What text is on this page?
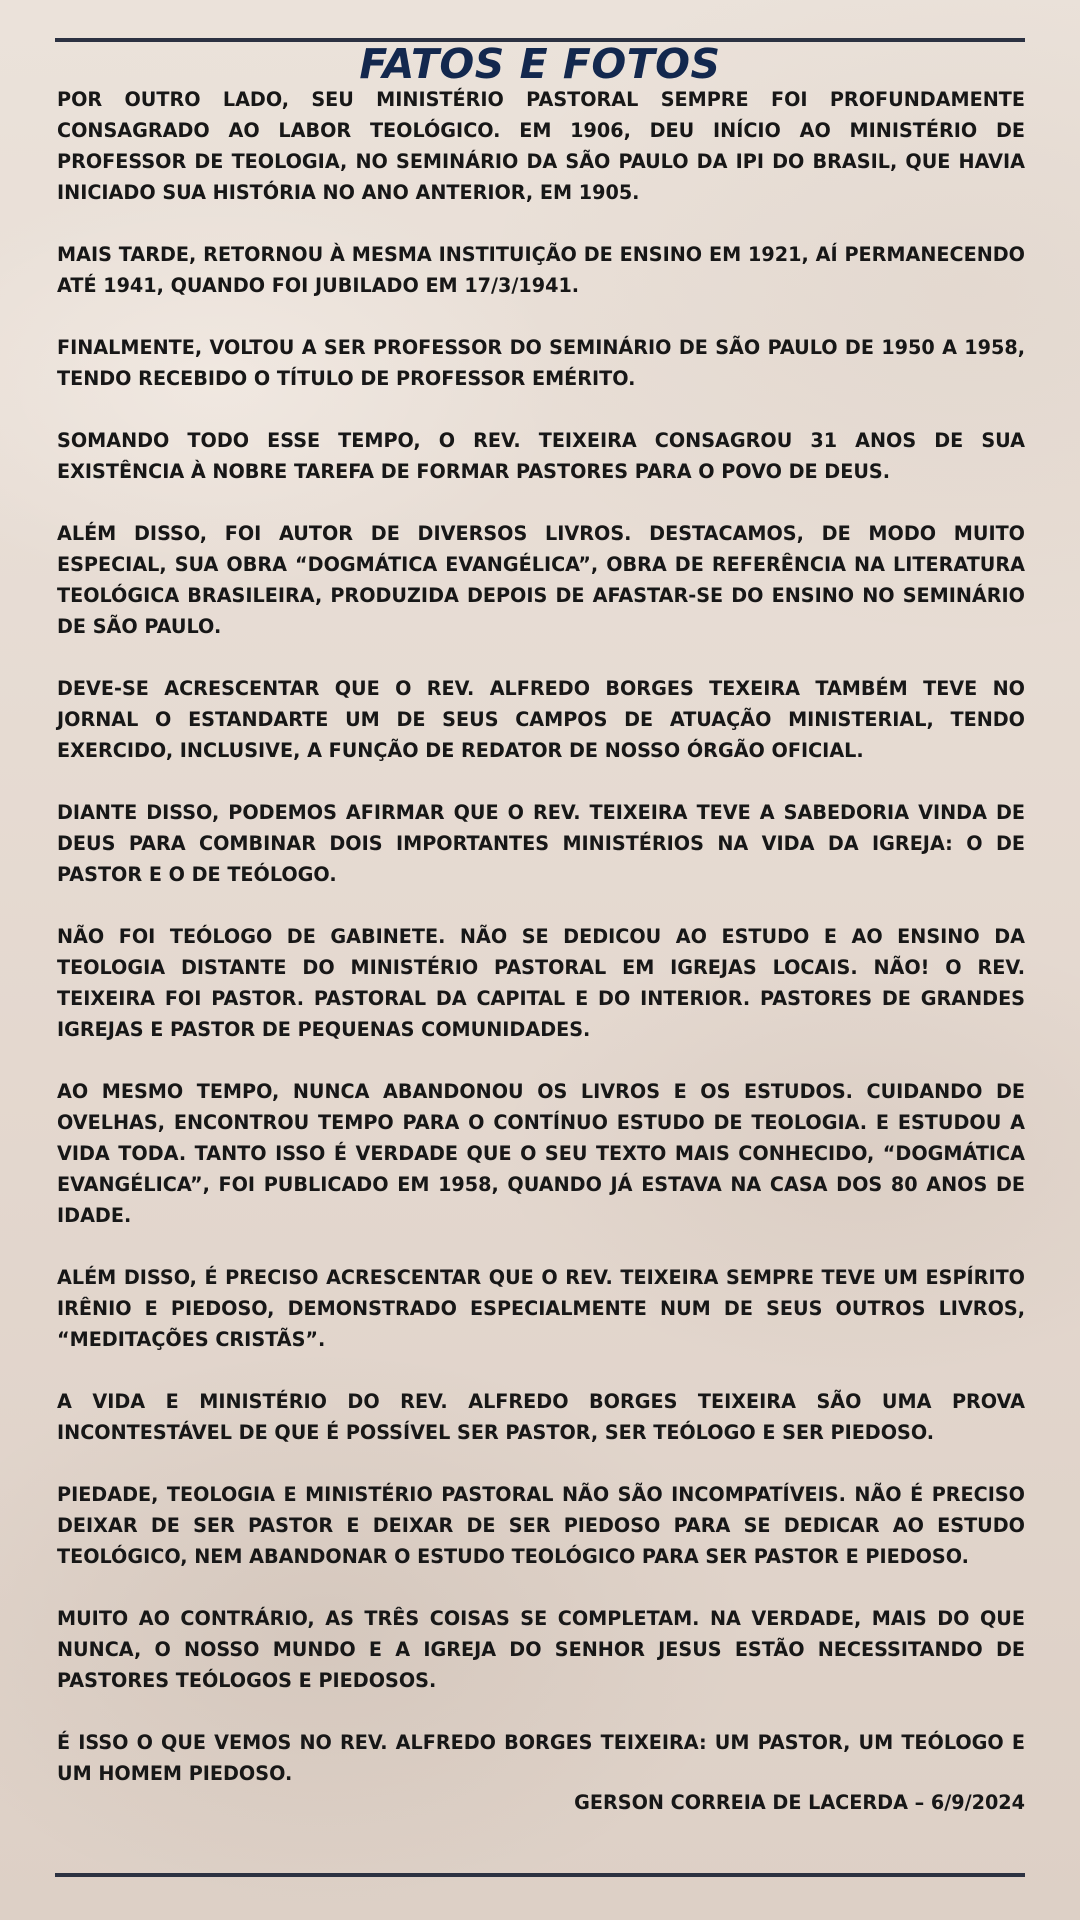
FATOS E FOTOS

POR OUTRO LADO, SEU MINISTÉRIO PASTORAL SEMPRE FOI PROFUNDAMENTE CONSAGRADO AO LABOR TEOLÓGICO. EM 1906, DEU INÍCIO AO MINISTÉRIO DE PROFESSOR DE TEOLOGIA, NO SEMINÁRIO DA SÃO PAULO DA IPI DO BRASIL, QUE HAVIA INICIADO SUA HISTÓRIA NO ANO ANTERIOR, EM 1905.

MAIS TARDE, RETORNOU À MESMA INSTITUIÇÃO DE ENSINO EM 1921, AÍ PERMANECENDO ATÉ 1941, QUANDO FOI JUBILADO EM 17/3/1941.

FINALMENTE, VOLTOU A SER PROFESSOR DO SEMINÁRIO DE SÃO PAULO DE 1950 A 1958, TENDO RECEBIDO O TÍTULO DE PROFESSOR EMÉRITO.

SOMANDO TODO ESSE TEMPO, O REV. TEIXEIRA CONSAGROU 31 ANOS DE SUA EXISTÊNCIA À NOBRE TAREFA DE FORMAR PASTORES PARA O POVO DE DEUS.

ALÉM DISSO, FOI AUTOR DE DIVERSOS LIVROS. DESTACAMOS, DE MODO MUITO ESPECIAL, SUA OBRA “DOGMÁTICA EVANGÉLICA”, OBRA DE REFERÊNCIA NA LITERATURA TEOLÓGICA BRASILEIRA, PRODUZIDA DEPOIS DE AFASTAR-SE DO ENSINO NO SEMINÁRIO DE SÃO PAULO.

DEVE-SE ACRESCENTAR QUE O REV. ALFREDO BORGES TEXEIRA TAMBÉM TEVE NO JORNAL O ESTANDARTE UM DE SEUS CAMPOS DE ATUAÇÃO MINISTERIAL, TENDO EXERCIDO, INCLUSIVE, A FUNÇÃO DE REDATOR DE NOSSO ÓRGÃO OFICIAL.

DIANTE DISSO, PODEMOS AFIRMAR QUE O REV. TEIXEIRA TEVE A SABEDORIA VINDA DE DEUS PARA COMBINAR DOIS IMPORTANTES MINISTÉRIOS NA VIDA DA IGREJA: O DE PASTOR E O DE TEÓLOGO.

NÃO FOI TEÓLOGO DE GABINETE. NÃO SE DEDICOU AO ESTUDO E AO ENSINO DA TEOLOGIA DISTANTE DO MINISTÉRIO PASTORAL EM IGREJAS LOCAIS. NÃO! O REV. TEIXEIRA FOI PASTOR. PASTORAL DA CAPITAL E DO INTERIOR. PASTORES DE GRANDES IGREJAS E PASTOR DE PEQUENAS COMUNIDADES.

AO MESMO TEMPO, NUNCA ABANDONOU OS LIVROS E OS ESTUDOS. CUIDANDO DE OVELHAS, ENCONTROU TEMPO PARA O CONTÍNUO ESTUDO DE TEOLOGIA. E ESTUDOU A VIDA TODA. TANTO ISSO É VERDADE QUE O SEU TEXTO MAIS CONHECIDO, “DOGMÁTICA EVANGÉLICA”, FOI PUBLICADO EM 1958, QUANDO JÁ ESTAVA NA CASA DOS 80 ANOS DE IDADE.

ALÉM DISSO, É PRECISO ACRESCENTAR QUE O REV. TEIXEIRA SEMPRE TEVE UM ESPÍRITO IRÊNIO E PIEDOSO, DEMONSTRADO ESPECIALMENTE NUM DE SEUS OUTROS LIVROS, “MEDITAÇÕES CRISTÃS”.

A VIDA E MINISTÉRIO DO REV. ALFREDO BORGES TEIXEIRA SÃO UMA PROVA INCONTESTÁVEL DE QUE É POSSÍVEL SER PASTOR, SER TEÓLOGO E SER PIEDOSO.

PIEDADE, TEOLOGIA E MINISTÉRIO PASTORAL NÃO SÃO INCOMPATÍVEIS. NÃO É PRECISO DEIXAR DE SER PASTOR E DEIXAR DE SER PIEDOSO PARA SE DEDICAR AO ESTUDO TEOLÓGICO, NEM ABANDONAR O ESTUDO TEOLÓGICO PARA SER PASTOR E PIEDOSO.

MUITO AO CONTRÁRIO, AS TRÊS COISAS SE COMPLETAM. NA VERDADE, MAIS DO QUE NUNCA, O NOSSO MUNDO E A IGREJA DO SENHOR JESUS ESTÃO NECESSITANDO DE PASTORES TEÓLOGOS E PIEDOSOS.

É ISSO O QUE VEMOS NO REV. ALFREDO BORGES TEIXEIRA: UM PASTOR, UM TEÓLOGO E UM HOMEM PIEDOSO.

GERSON CORREIA DE LACERDA – 6/9/2024
